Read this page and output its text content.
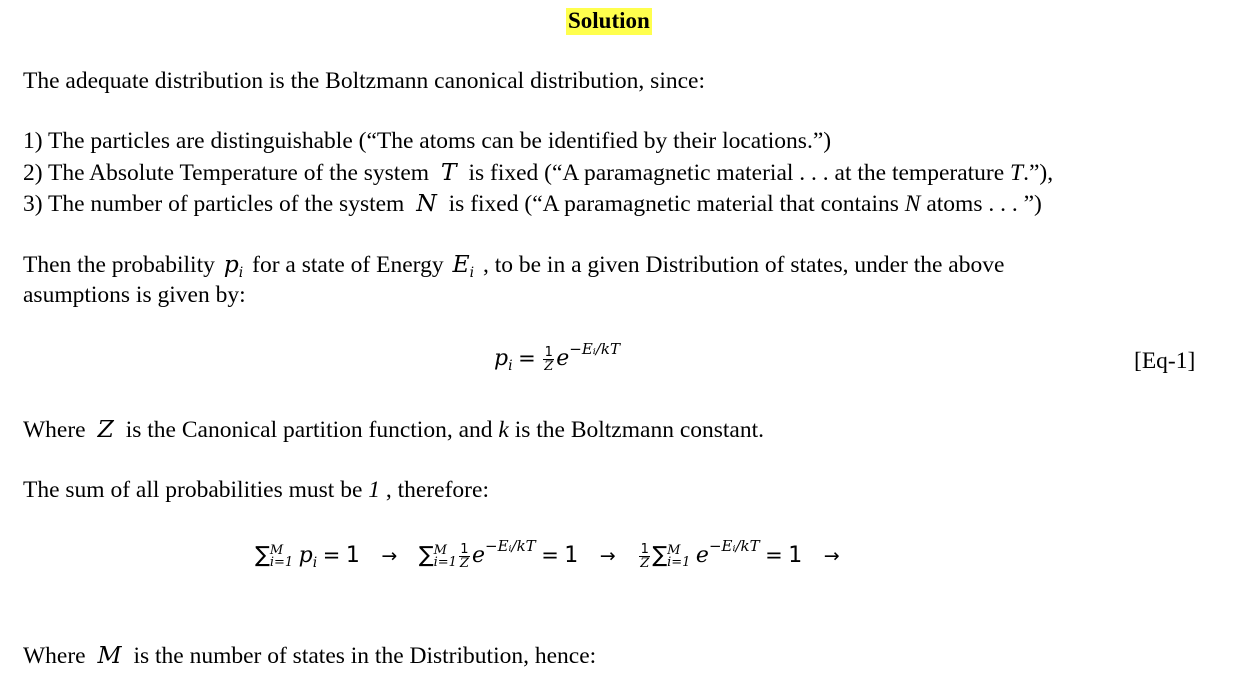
Solution
The adequate distribution is the Boltzmann canonical distribution, since:
1) The particles are distinguishable (“The atoms can be identified by their locations.”)
2) The Absolute Temperature of the system T is fixed (“A paramagnetic material . . . at the temperature T.”),
3) The number of particles of the system N is fixed (“A paramagnetic material that contains N atoms . . . ”)
Then the probability $p_i$ for a state of Energy $E_i$ , to be in a given Distribution of states, under the above
asumptions is given by:
$p_i = \frac{1}{Z} e^{-Eᵢ/kT}$	[Eq-1]
Where Z is the Canonical partition function, and k is the Boltzmann constant.
The sum of all probabilities must be 1 , therefore:
∑ M
i=1 $p_i = 1$ → ∑ M
$i=1 \frac{1}{Z} e^{-Eᵢ/kT} = 1 \to \frac{1}{Z}$ ∑ M
i=1 $e^{-Eᵢ/kT} = 1$ →
Where M is the number of states in the Distribution, hence:
